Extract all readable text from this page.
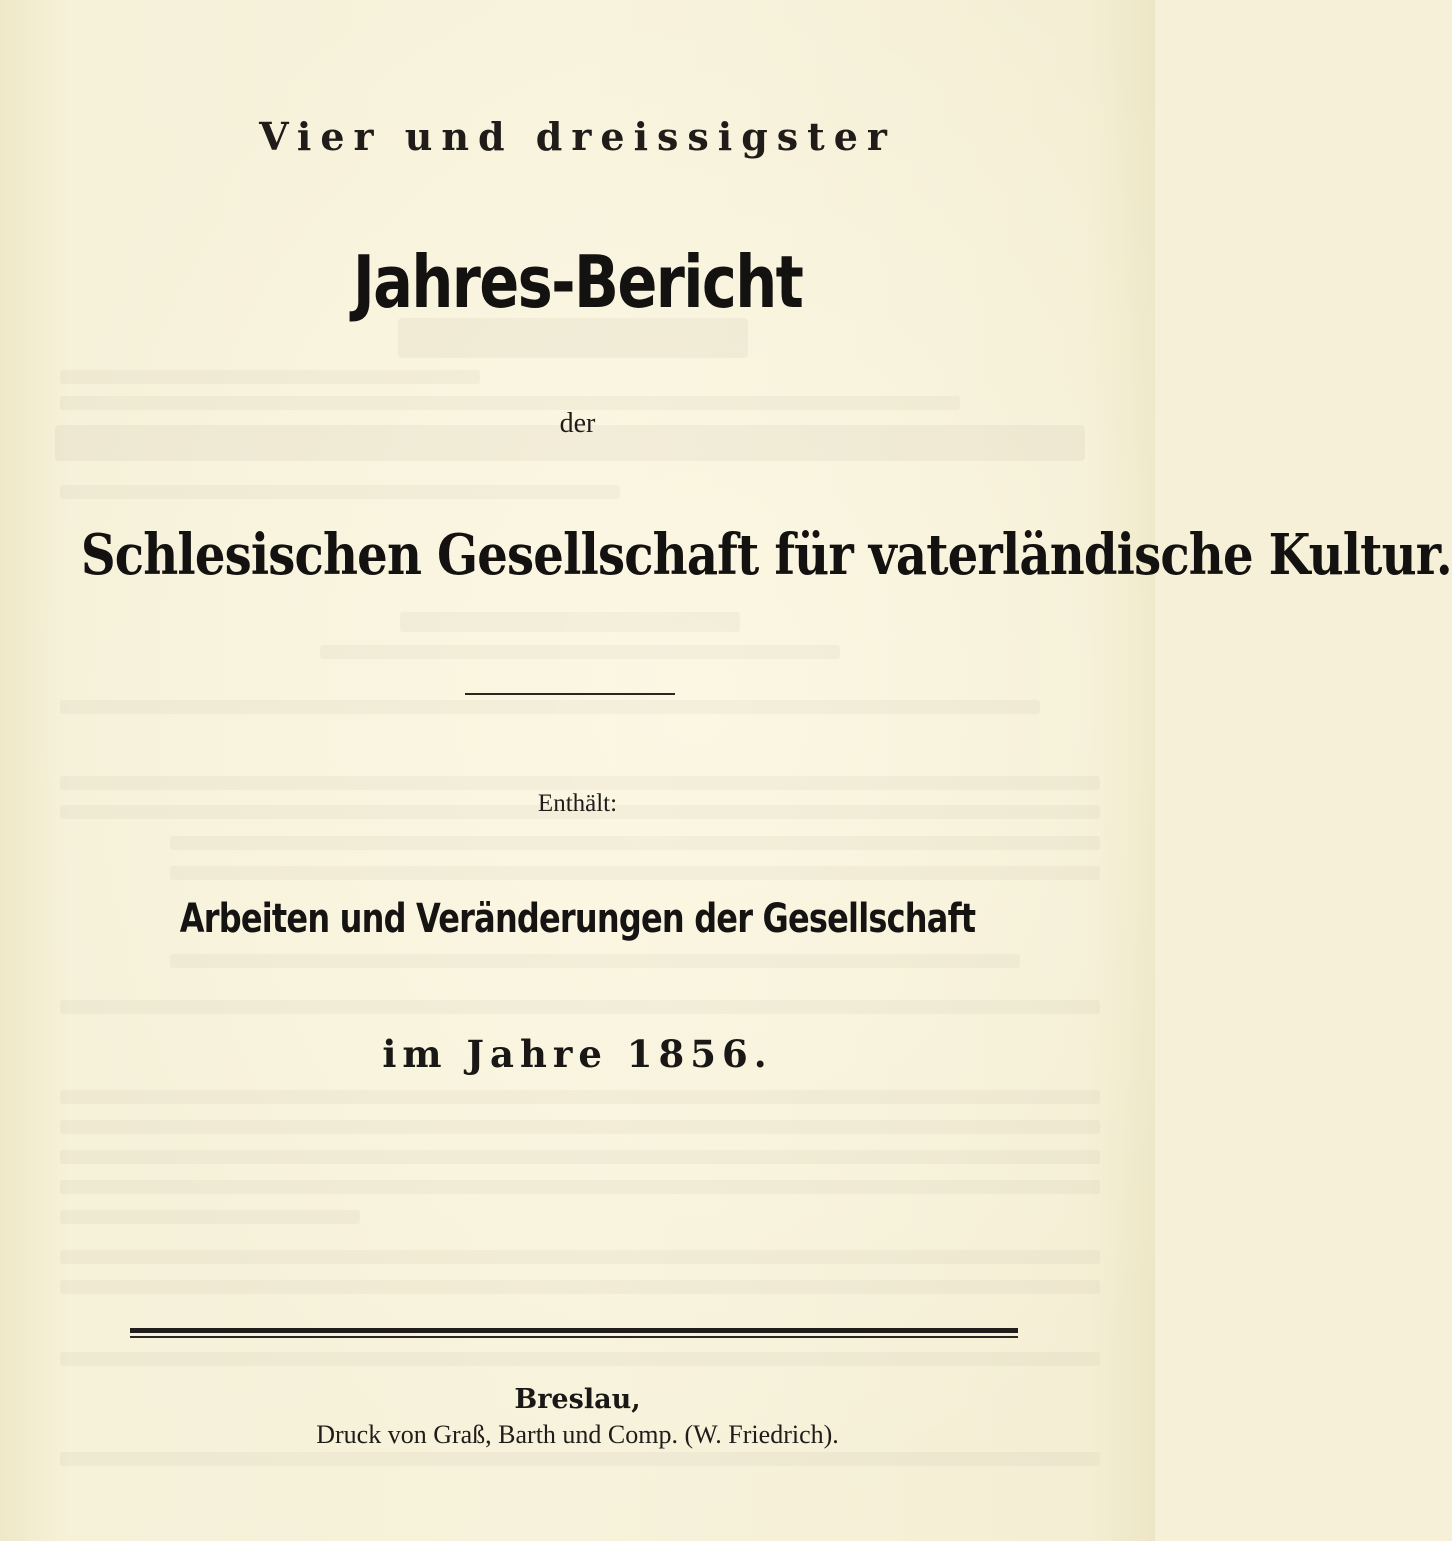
Vier und dreissigster
Jahres-Bericht
der
Schlesischen Gesellschaft für vaterländische Kultur.
Enthält:
Arbeiten und Veränderungen der Gesellschaft
im Jahre 1856.
Breslau,
Druck von Graß, Barth und Comp. (W. Friedrich).
